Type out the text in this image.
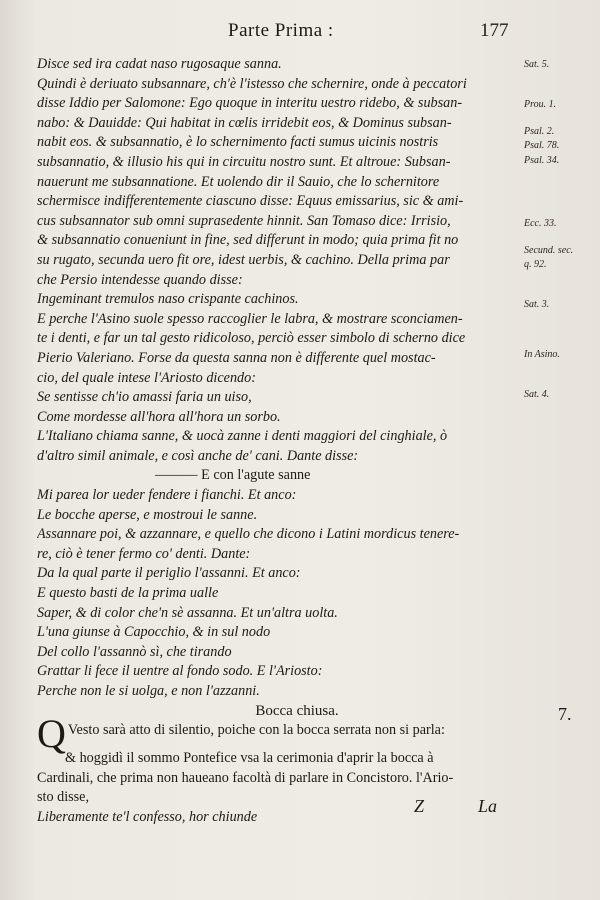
Parte Prima :	177
Disce sed ira cadat naso rugosaque sanna.
Quindi è deriuato subsannare, ch'è l'istesso che schernire, onde à peccatori
disse Iddio per Salomone: Ego quoque in interitu uestro ridebo, & subsan-
nabo: & Dauidde: Qui habitat in cœlis irridebit eos, & Dominus subsan-
nabit eos. & subsannatio, è lo schernimento facti sumus uicinis nostris
subsannatio, & illusio his qui in circuitu nostro sunt. Et altroue: Subsan-
nauerunt me subsannatione. Et uolendo dir il Sauio, che lo schernitore
schermisce indifferentemente ciascuno disse: Equus emissarius, sic & ami-
cus subsannator sub omni suprasedente hinnit. San Tomaso dice: Irrisio,
& subsannatio conueniunt in fine, sed differunt in modo; quia prima fit no
su rugato, secunda uero fit ore, idest uerbis, & cachino. Della prima par
che Persio intendesse quando disse:
Ingeminant tremulos naso crispante cachinos.
E perche l'Asino suole spesso raccoglier le labra, & mostrare sconciamen-
te i denti, e far un tal gesto ridicoloso, perciò esser simbolo di scherno dice
Pierio Valeriano. Forse da questa sanna non è differente quel mostac-
cio, del quale intese l'Ariosto dicendo:
Se sentisse ch'io amassi faria un uiso,
Come mordesse all'hora all'hora un sorbo.
L'Italiano chiama sanne, & uocà zanne i denti maggiori del cinghiale, ò
d'altro simil animale, e così anche de' cani. Dante disse:
——— E con l'agute sanne
Mi parea lor ueder fendere i fianchi. Et anco:
Le bocche aperse, e mostroui le sanne.
Assannare poi, & azzannare, e quello che dicono i Latini mordicus tenere-
re, ciò è tener fermo co' denti. Dante:
Da la qual parte il periglio l'assanni. Et anco:
E questo basti de la prima ualle
Saper, & di color che'n sè assanna. Et un'altra uolta.
L'una giunse à Capocchio, & in sul nodo
Del collo l'assannò sì, che tirando
Grattar li fece il uentre al fondo sodo. E l'Ariosto:
Perche non le si uolga, e non l'azzanni.
Bocca chiusa.
Q Vesto sarà atto di silentio, poiche con la bocca serrata non si parla:
& hoggidì il sommo Pontefice vsa la cerimonia d'aprir la bocca à
Cardinali, che prima non haueano facoltà di parlare in Concistoro. l'Ario-
sto disse,
Liberamente te'l confesso, hor chiunde
Sat. 5.
Prou. 1.
Psal. 2.
Psal. 78.
Psal. 34.
Ecc. 33.
Secund. sec.
q. 92.
Sat. 3.
In Asino.
Sat. 4.
7.
Z	La
